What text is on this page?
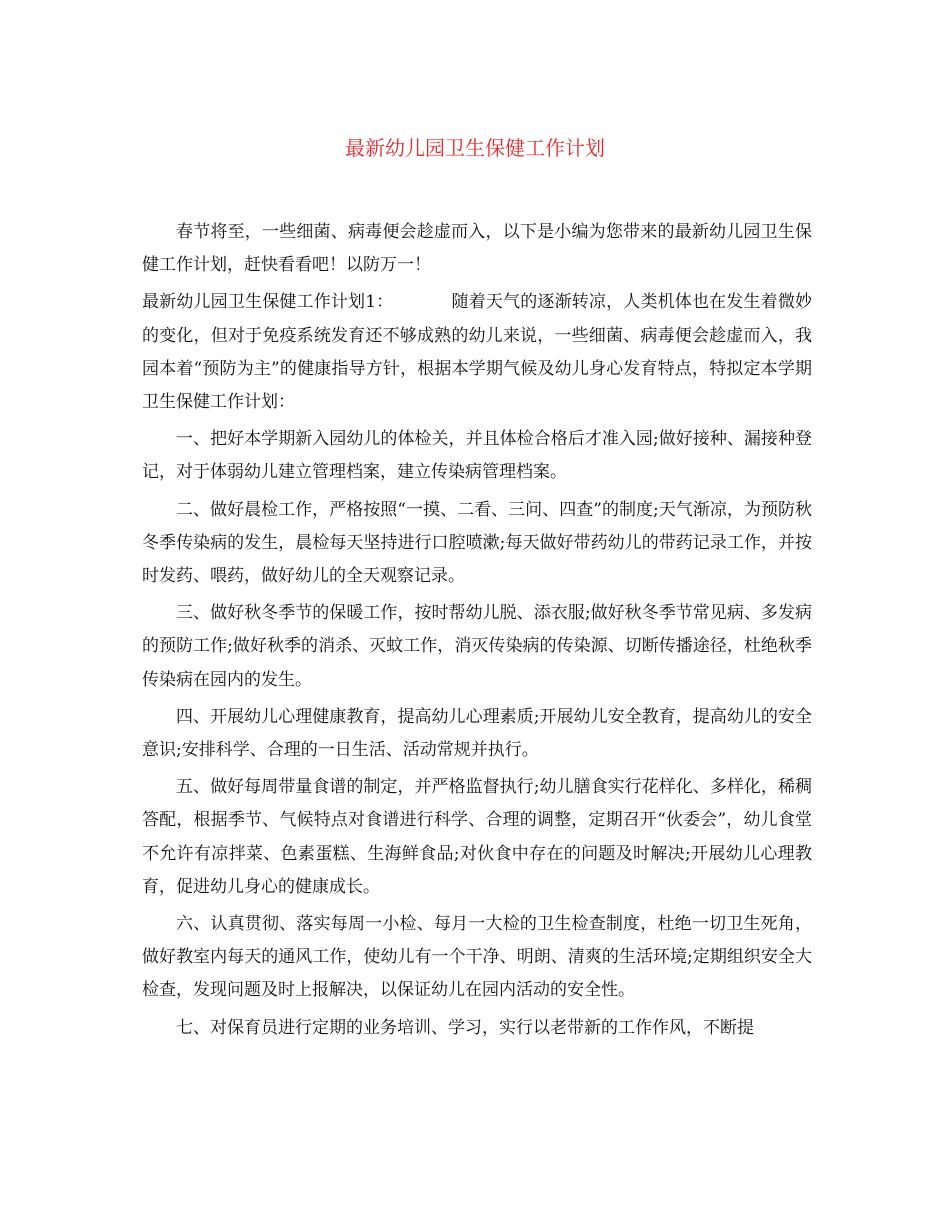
最新幼儿园卫生保健工作计划

春节将至，一些细菌、病毒便会趁虚而入，以下是小编为您带来的最新幼儿园卫生保健工作计划，赶快看看吧！以防万一！

最新幼儿园卫生保健工作计划1：	随着天气的逐渐转凉，人类机体也在发生着微妙的变化，但对于免疫系统发育还不够成熟的幼儿来说，一些细菌、病毒便会趁虚而入，我园本着“预防为主”的健康指导方针，根据本学期气候及幼儿身心发育特点，特拟定本学期卫生保健工作计划：

一、把好本学期新入园幼儿的体检关，并且体检合格后才准入园;做好接种、漏接种登记，对于体弱幼儿建立管理档案，建立传染病管理档案。

二、做好晨检工作，严格按照“一摸、二看、三问、四查”的制度;天气渐凉，为预防秋冬季传染病的发生，晨检每天坚持进行口腔喷漱;每天做好带药幼儿的带药记录工作，并按时发药、喂药，做好幼儿的全天观察记录。

三、做好秋冬季节的保暖工作，按时帮幼儿脱、添衣服;做好秋冬季节常见病、多发病的预防工作;做好秋季的消杀、灭蚊工作，消灭传染病的传染源、切断传播途径，杜绝秋季传染病在园内的发生。

四、开展幼儿心理健康教育，提高幼儿心理素质;开展幼儿安全教育，提高幼儿的安全意识;安排科学、合理的一日生活、活动常规并执行。

五、做好每周带量食谱的制定，并严格监督执行;幼儿膳食实行花样化、多样化，稀稠答配，根据季节、气候特点对食谱进行科学、合理的调整，定期召开“伙委会”，幼儿食堂不允许有凉拌菜、色素蛋糕、生海鲜食品;对伙食中存在的问题及时解决;开展幼儿心理教育，促进幼儿身心的健康成长。

六、认真贯彻、落实每周一小检、每月一大检的卫生检查制度，杜绝一切卫生死角，做好教室内每天的通风工作，使幼儿有一个干净、明朗、清爽的生活环境;定期组织安全大检查，发现问题及时上报解决，以保证幼儿在园内活动的安全性。

七、对保育员进行定期的业务培训、学习，实行以老带新的工作作风，不断提
